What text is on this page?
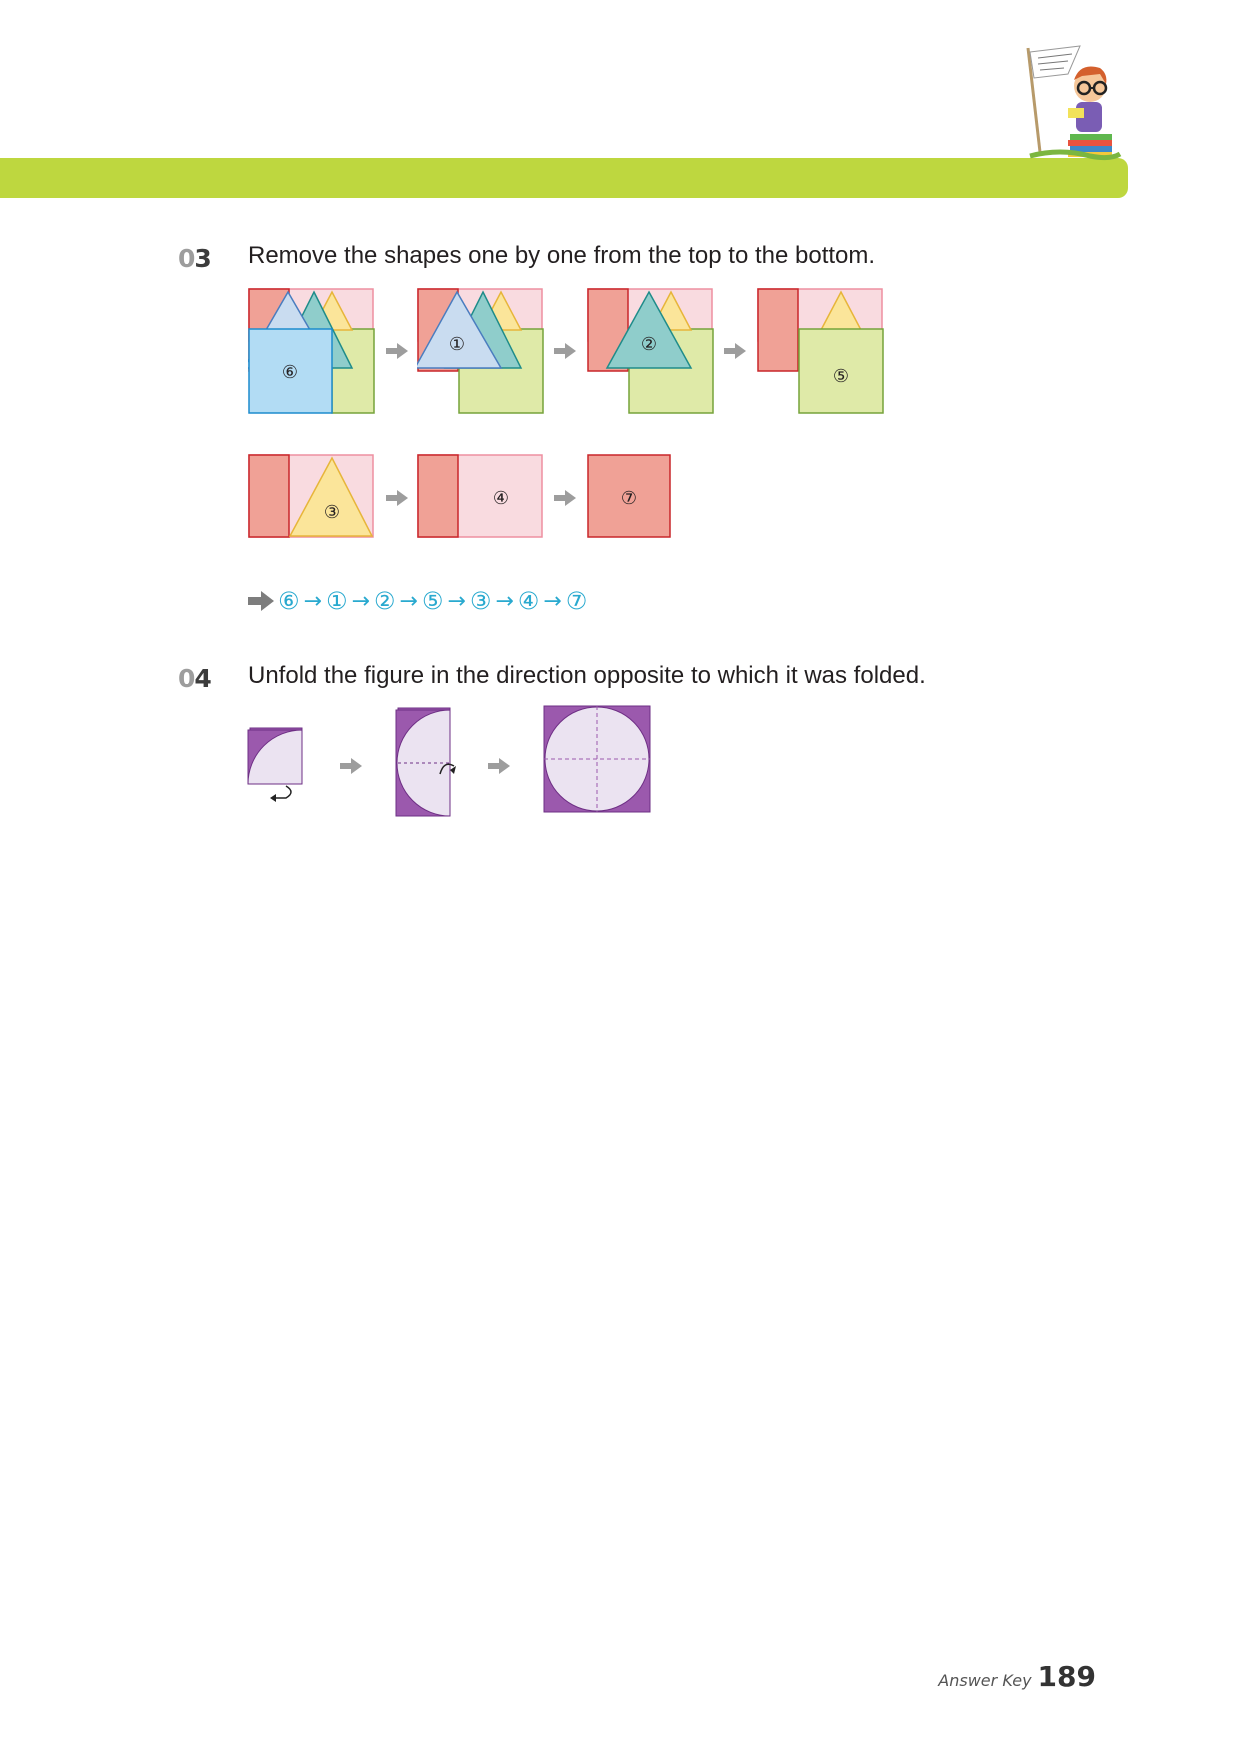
03 Remove the shapes one by one from the top to the bottom.
⑥
①	②
⑤
③
④	⑦
⑥ → ① → ② → ⑤ → ③ → ④ → ⑦
04 Unfold the figure in the direction opposite to which it was folded.
Answer Key 189
